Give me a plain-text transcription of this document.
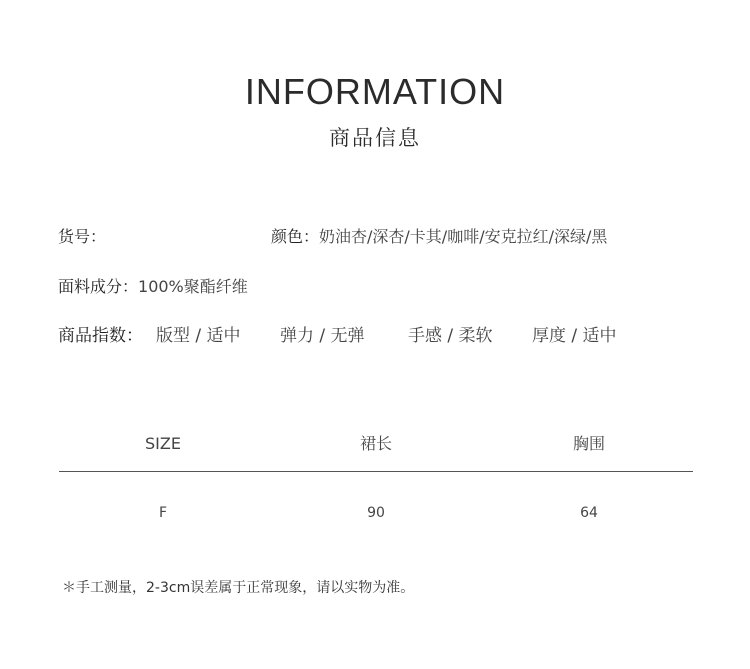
INFORMATION
商品信息
货号：	颜色：奶油杏/深杏/卡其/咖啡/安克拉红/深绿/黑
面料成分：100%聚酯纤维
商品指数： 版型 / 适中 弹力 / 无弹	手感 / 柔软 厚度 / 适中
SIZE	裙长	胸围
F	90	64
＊手工测量，2-3cm误差属于正常现象，请以实物为准。
